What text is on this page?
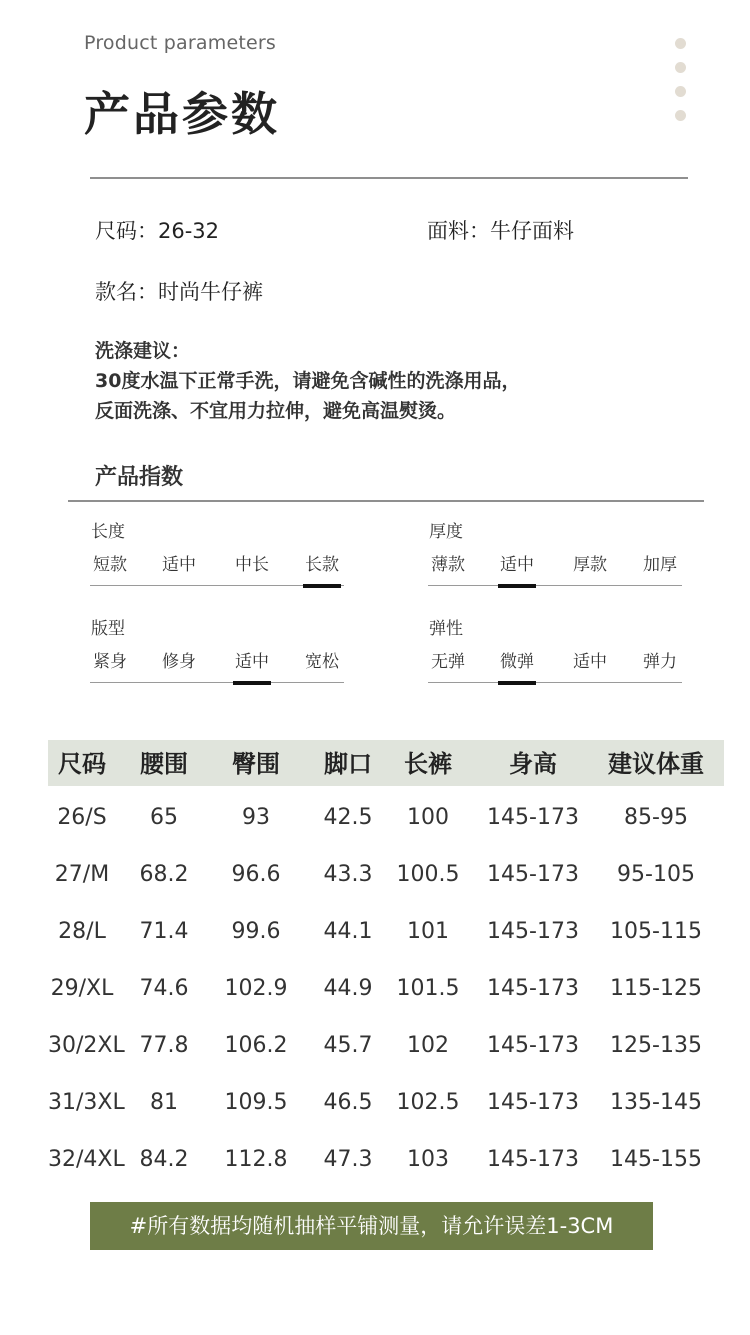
Product parameters
产品参数
尺码：26-32	面料：牛仔面料
款名：时尚牛仔裤
洗涤建议：
30度水温下正常手洗，请避免含碱性的洗涤用品，
反面洗涤、不宜用力拉伸，避免高温熨烫。
产品指数
长度
短款 适中 中长 长款
厚度
薄款 适中 厚款 加厚
版型
紧身 修身 适中 宽松
弹性
无弹 微弹 适中 弹力
尺码	腰围	臀围	脚口	长裤	身高	建议体重
26/S	65	93	42.5	100	145-173	85-95
27/M	68.2	96.6	43.3	100.5	145-173	95-105
28/L	71.4	99.6	44.1	101	145-173	105-115
29/XL	74.6	102.9	44.9	101.5	145-173	115-125
30/2XL 77.8	106.2	45.7	102	145-173	125-135
31/3XL	81	109.5	46.5	102.5	145-173	135-145
32/4XL 84.2	112.8	47.3	103	145-173	145-155
#所有数据均随机抽样平铺测量，请允许误差1-3CM
